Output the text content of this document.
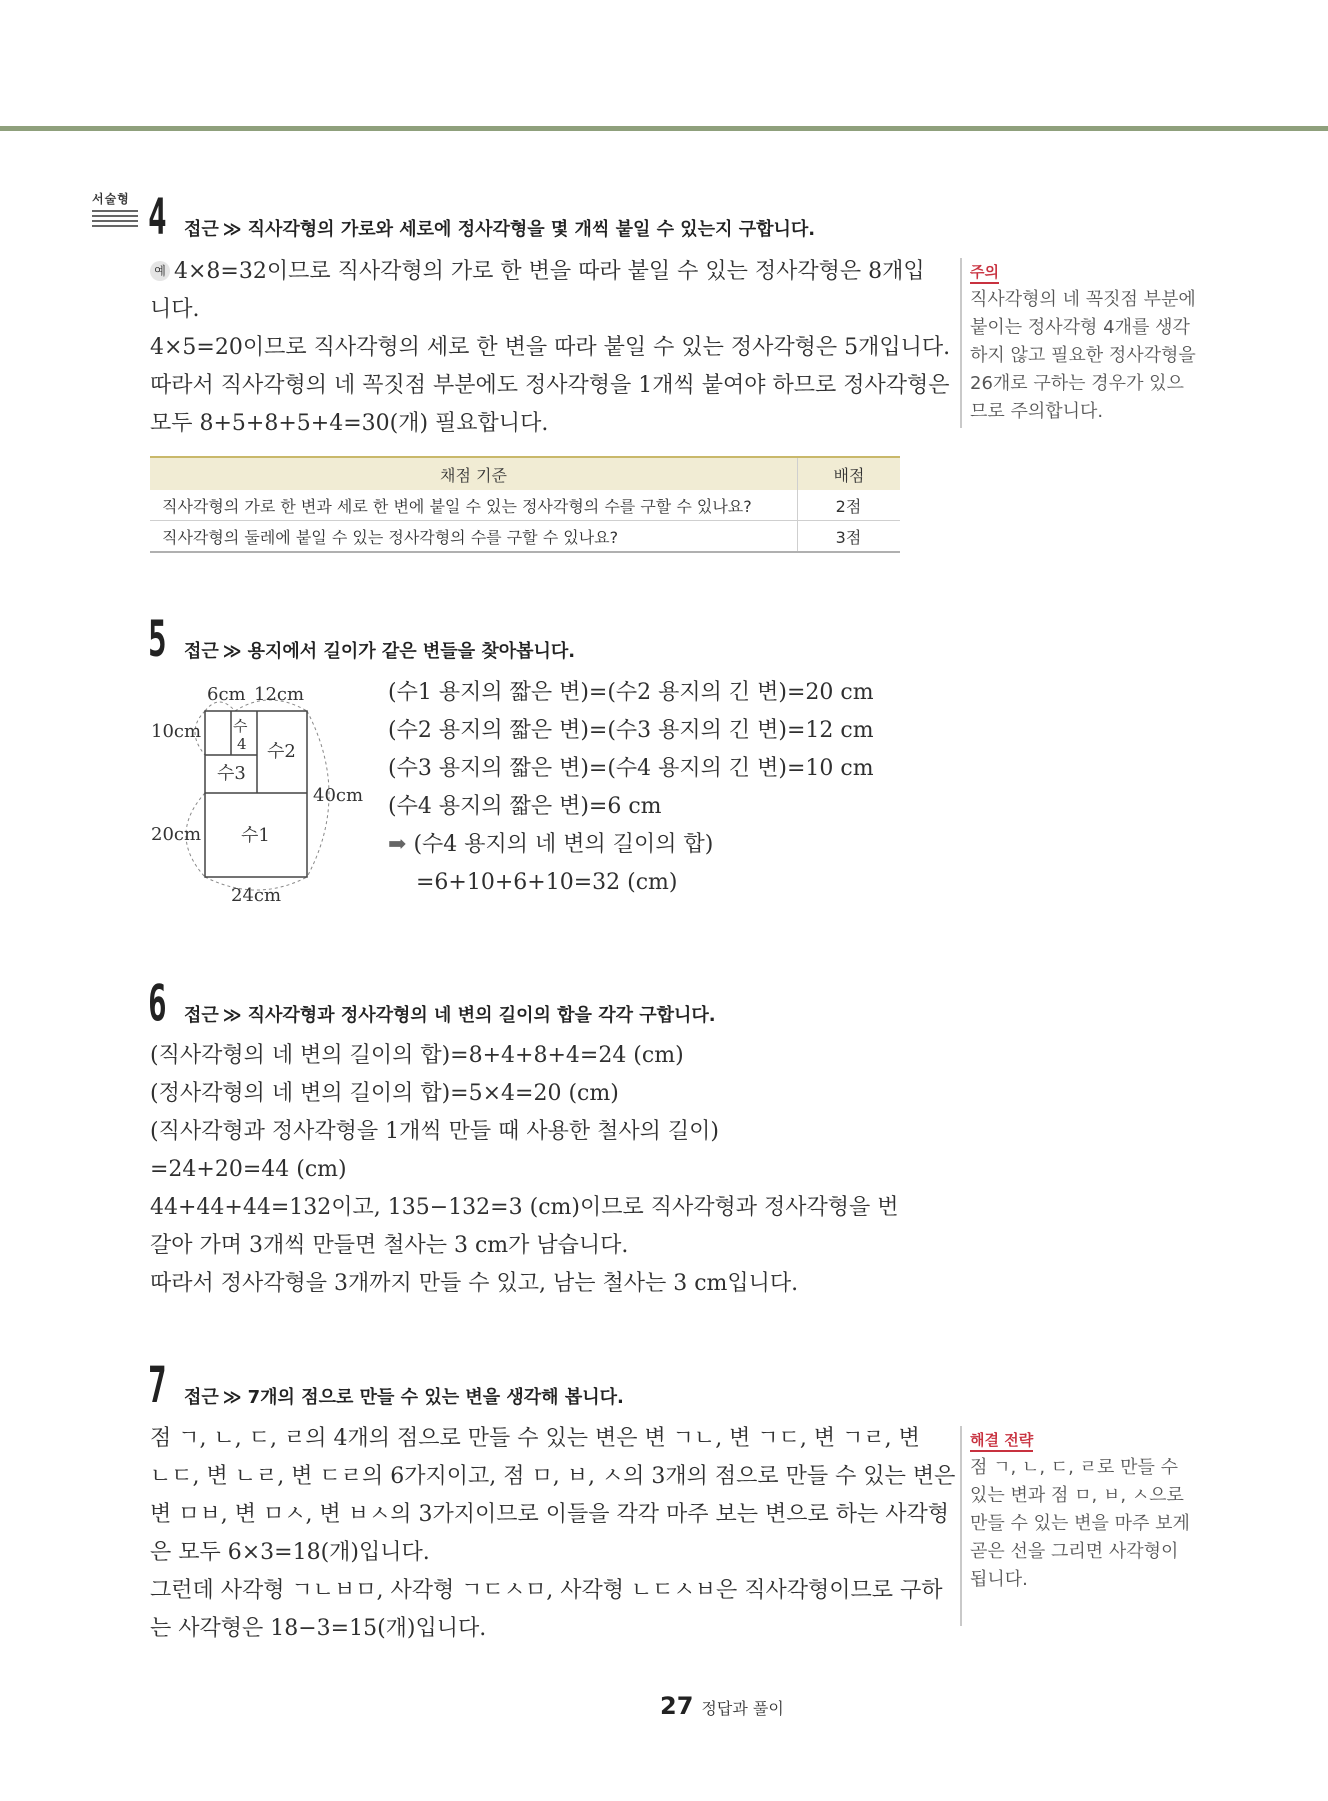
서술형 4 접근 ≫ 직사각형의 가로와 세로에 정사각형을 몇 개씩 붙일 수 있는지 구합니다.

예 4×8=32이므로 직사각형의 가로 한 변을 따라 붙일 수 있는 정사각형은 8개입

니다.

4×5=20이므로 직사각형의 세로 한 변을 따라 붙일 수 있는 정사각형은 5개입니다.

따라서 직사각형의 네 꼭짓점 부분에도 정사각형을 1개씩 붙여야 하므로 정사각형은

모두 8+5+8+5+4=30(개) 필요합니다.

주의

직사각형의 네 꼭짓점 부분에

붙이는 정사각형 4개를 생각

하지 않고 필요한 정사각형을

26개로 구하는 경우가 있으

므로 주의합니다.

채점 기준	배점
직사각형의 가로 한 변과 세로 한 변에 붙일 수 있는 정사각형의 수를 구할 수 있나요?	2점
직사각형의 둘레에 붙일 수 있는 정사각형의 수를 구할 수 있나요?	3점
5 접근 ≫ 용지에서 길이가 같은 변들을 찾아봅니다.
6cm 12cm
10cm
20cm
40cm
24cm
수
4
수3
수2
수1

(수1 용지의 짧은 변)=(수2 용지의 긴 변)=20 cm

(수2 용지의 짧은 변)=(수3 용지의 긴 변)=12 cm

(수3 용지의 짧은 변)=(수4 용지의 긴 변)=10 cm

(수4 용지의 짧은 변)=6 cm

➡ (수4 용지의 네 변의 길이의 합)

=6+10+6+10=32 (cm)

6 접근 ≫ 직사각형과 정사각형의 네 변의 길이의 합을 각각 구합니다.

(직사각형의 네 변의 길이의 합)=8+4+8+4=24 (cm)

(정사각형의 네 변의 길이의 합)=5×4=20 (cm)

(직사각형과 정사각형을 1개씩 만들 때 사용한 철사의 길이)

=24+20=44 (cm)

44+44+44=132이고, 135−132=3 (cm)이므로 직사각형과 정사각형을 번

갈아 가며 3개씩 만들면 철사는 3 cm가 남습니다.

따라서 정사각형을 3개까지 만들 수 있고, 남는 철사는 3 cm입니다.

7 접근 ≫ 7개의 점으로 만들 수 있는 변을 생각해 봅니다.

점 ㄱ, ㄴ, ㄷ, ㄹ의 4개의 점으로 만들 수 있는 변은 변 ㄱㄴ, 변 ㄱㄷ, 변 ㄱㄹ, 변

ㄴㄷ, 변 ㄴㄹ, 변 ㄷㄹ의 6가지이고, 점 ㅁ, ㅂ, ㅅ의 3개의 점으로 만들 수 있는 변은

변 ㅁㅂ, 변 ㅁㅅ, 변 ㅂㅅ의 3가지이므로 이들을 각각 마주 보는 변으로 하는 사각형

은 모두 6×3=18(개)입니다.

그런데 사각형 ㄱㄴㅂㅁ, 사각형 ㄱㄷㅅㅁ, 사각형 ㄴㄷㅅㅂ은 직사각형이므로 구하

는 사각형은 18−3=15(개)입니다.

해결 전략

점 ㄱ, ㄴ, ㄷ, ㄹ로 만들 수

있는 변과 점 ㅁ, ㅂ, ㅅ으로

만들 수 있는 변을 마주 보게

곧은 선을 그리면 사각형이

됩니다.

27 정답과 풀이
